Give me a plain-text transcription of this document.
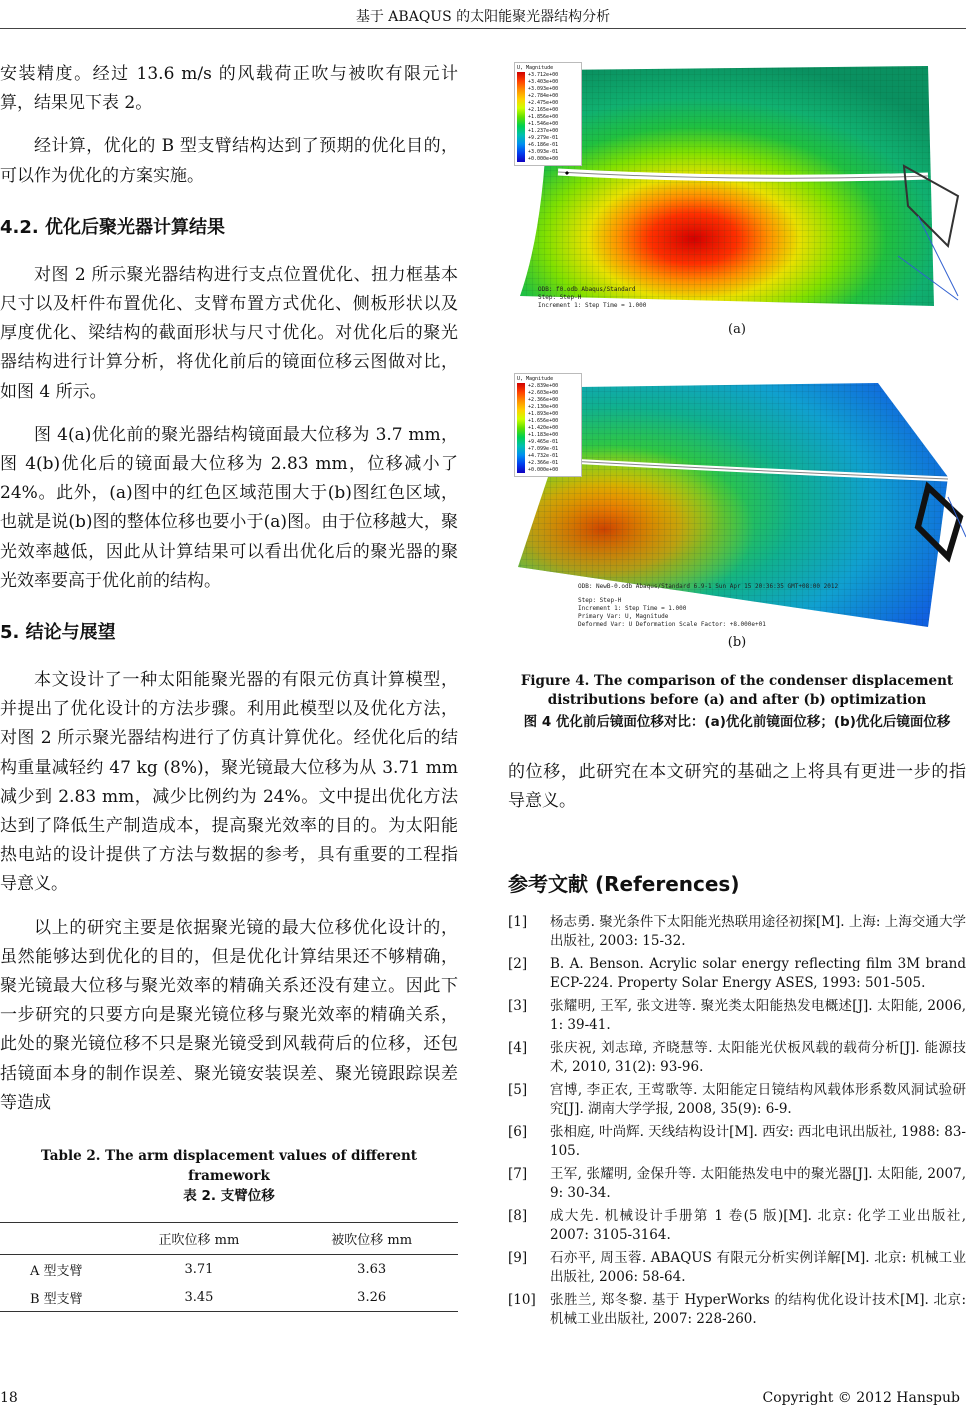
基于 ABAQUS 的太阳能聚光器结构分析

安装精度。经过 13.6 m/s 的风载荷正吹与被吹有限元计算，结果见下表 2。

经计算，优化的 B 型支臂结构达到了预期的优化目的，可以作为优化的方案实施。

4.2. 优化后聚光器计算结果

对图 2 所示聚光器结构进行支点位置优化、扭力框基本尺寸以及杆件布置优化、支臂布置方式优化、侧板形状以及厚度优化、梁结构的截面形状与尺寸优化。对优化后的聚光器结构进行计算分析，将优化前后的镜面位移云图做对比，如图 4 所示。

图 4(a)优化前的聚光器结构镜面最大位移为 3.7 mm，图 4(b)优化后的镜面最大位移为 2.83 mm，位移减小了 24%。此外，(a)图中的红色区域范围大于(b)图红色区域，也就是说(b)图的整体位移也要小于(a)图。由于位移越大，聚光效率越低，因此从计算结果可以看出优化后的聚光器的聚光效率要高于优化前的结构。

5. 结论与展望

本文设计了一种太阳能聚光器的有限元仿真计算模型，并提出了优化设计的方法步骤。利用此模型以及优化方法，对图 2 所示聚光器结构进行了仿真计算优化。经优化后的结构重量减轻约 47 kg (8%)，聚光镜最大位移为从 3.71 mm 减少到 2.83 mm，减少比例约为 24%。文中提出优化方法达到了降低生产制造成本，提高聚光效率的目的。为太阳能热电站的设计提供了方法与数据的参考，具有重要的工程指导意义。

以上的研究主要是依据聚光镜的最大位移优化设计的，虽然能够达到优化的目的，但是优化计算结果还不够精确，聚光镜最大位移与聚光效率的精确关系还没有建立。因此下一步研究的只要方向是聚光镜位移与聚光效率的精确关系，此处的聚光镜位移不只是聚光镜受到风载荷后的位移，还包括镜面本身的制作误差、聚光镜安装误差、聚光镜跟踪误差等造成

Table 2. The arm displacement values of different framework
表 2. 支臂位移
	正吹位移 mm	被吹位移 mm
A 型支臂	3.71	3.63
B 型支臂	3.45	3.26
U, Magnitude
+3.712e+00
+3.403e+00
+3.093e+00
+2.784e+00
+2.475e+00
+2.165e+00
+1.856e+00
+1.546e+00
+1.237e+00
+9.279e-01
+6.186e-01
+3.093e-01
+0.000e+00
ODB: f0.odb Abaqus/Standard
Step: Step-H
Increment 1: Step Time = 1.000
(a)
U, Magnitude
+2.839e+00
+2.603e+00
+2.366e+00
+2.130e+00
+1.893e+00
+1.656e+00
+1.420e+00
+1.183e+00
+9.465e-01
+7.099e-01
+4.732e-01
+2.366e-01
+0.000e+00
ODB: NewB-0.odb Abaqus/Standard 6.9-1 Sun Apr 15 20:36:35 GMT+08:00 2012
Step: Step-H
Increment 1: Step Time = 1.000
Primary Var: U, Magnitude
Deformed Var: U Deformation Scale Factor: +8.000e+01
(b)
Figure 4. The comparison of the condenser displacement distributions before (a) and after (b) optimization
图 4 优化前后镜面位移对比：(a)优化前镜面位移；(b)优化后镜面位移

的位移，此研究在本文研究的基础之上将具有更进一步的指导意义。

参考文献 (References)
[1]	杨志勇. 聚光条件下太阳能光热联用途径初探[M]. 上海: 上海交通大学出版社, 2003: 15-32.
[2]	B. A. Benson. Acrylic solar energy reflecting film 3M brand ECP-224. Property Solar Energy ASES, 1993: 501-505.
[3]	张耀明, 王军, 张文进等. 聚光类太阳能热发电概述[J]. 太阳能, 2006, 1: 39-41.
[4]	张庆祝, 刘志璋, 齐晓慧等. 太阳能光伏板风载的载荷分析[J]. 能源技术, 2010, 31(2): 93-96.
[5]	宫博, 李正农, 王莺歌等. 太阳能定日镜结构风载体形系数风洞试验研究[J]. 湖南大学学报, 2008, 35(9): 6-9.
[6]	张相庭, 叶尚辉. 天线结构设计[M]. 西安: 西北电讯出版社, 1988: 83-105.
[7]	王军, 张耀明, 金保升等. 太阳能热发电中的聚光器[J]. 太阳能, 2007, 9: 30-34.
[8]	成大先. 机械设计手册第 1 卷(5 版)[M]. 北京: 化学工业出版社, 2007: 3105-3164.
[9]	石亦平, 周玉蓉. ABAQUS 有限元分析实例详解[M]. 北京: 机械工业出版社, 2006: 58-64.
[10]	张胜兰, 郑冬黎. 基于 HyperWorks 的结构优化设计技术[M]. 北京: 机械工业出版社, 2007: 228-260.
18	Copyright © 2012 Hanspub
